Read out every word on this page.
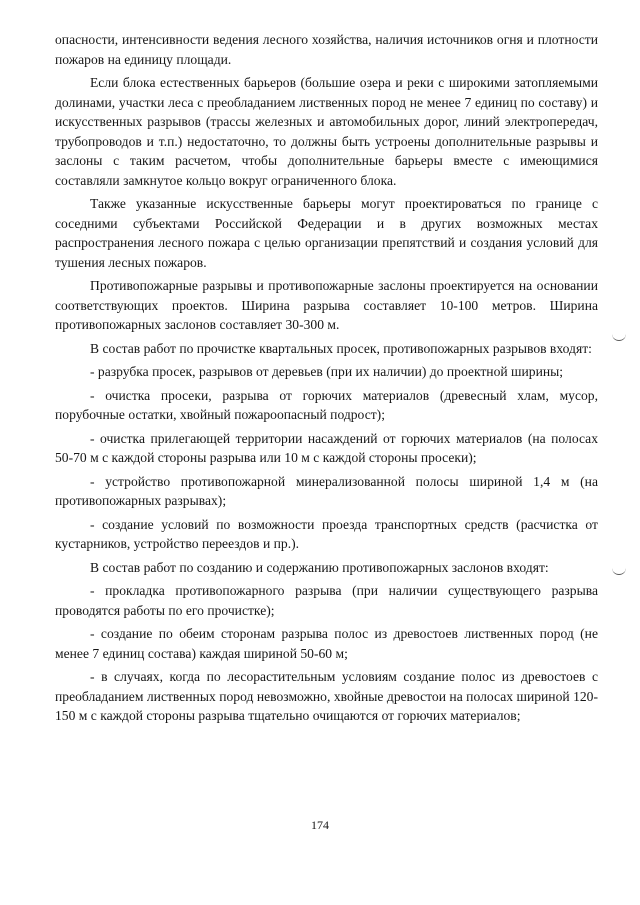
опасности, интенсивности ведения лесного хозяйства, наличия источников огня и плотности пожаров на единицу площади.

Если блока естественных барьеров (большие озера и реки с широкими затопляемыми долинами, участки леса с преобладанием лиственных пород не менее 7 единиц по составу) и искусственных разрывов (трассы железных и автомобильных дорог, линий электропередач, трубопроводов и т.п.) недостаточно, то должны быть устроены дополнительные разрывы и заслоны с таким расчетом, чтобы дополнительные барьеры вместе с имеющимися составляли замкнутое кольцо вокруг ограниченного блока.

Также указанные искусственные барьеры могут проектироваться по границе с соседними субъектами Российской Федерации и в других возможных местах распространения лесного пожара с целью организации препятствий и создания условий для тушения лесных пожаров.

Противопожарные разрывы и противопожарные заслоны проектируется на основании соответствующих проектов. Ширина разрыва составляет 10-100 метров. Ширина противопожарных заслонов составляет 30-300 м.

В состав работ по прочистке квартальных просек, противопожарных разрывов входят:

- разрубка просек, разрывов от деревьев (при их наличии) до проектной ширины;

- очистка просеки, разрыва от горючих материалов (древесный хлам, мусор, порубочные остатки, хвойный пожароопасный подрост);

- очистка прилегающей территории насаждений от горючих материалов (на полосах 50-70 м с каждой стороны разрыва или 10 м с каждой стороны просеки);

- устройство противопожарной минерализованной полосы шириной 1,4 м (на противопожарных разрывах);

- создание условий по возможности проезда транспортных средств (расчистка от кустарников, устройство переездов и пр.).

В состав работ по созданию и содержанию противопожарных заслонов входят:

- прокладка противопожарного разрыва (при наличии существующего разрыва проводятся работы по его прочистке);

- создание по обеим сторонам разрыва полос из древостоев лиственных пород (не менее 7 единиц состава) каждая шириной 50-60 м;

- в случаях, когда по лесорастительным условиям создание полос из древостоев с преобладанием лиственных пород невозможно, хвойные древостои на полосах шириной 120-150 м с каждой стороны разрыва тщательно очищаются от горючих материалов;

174
